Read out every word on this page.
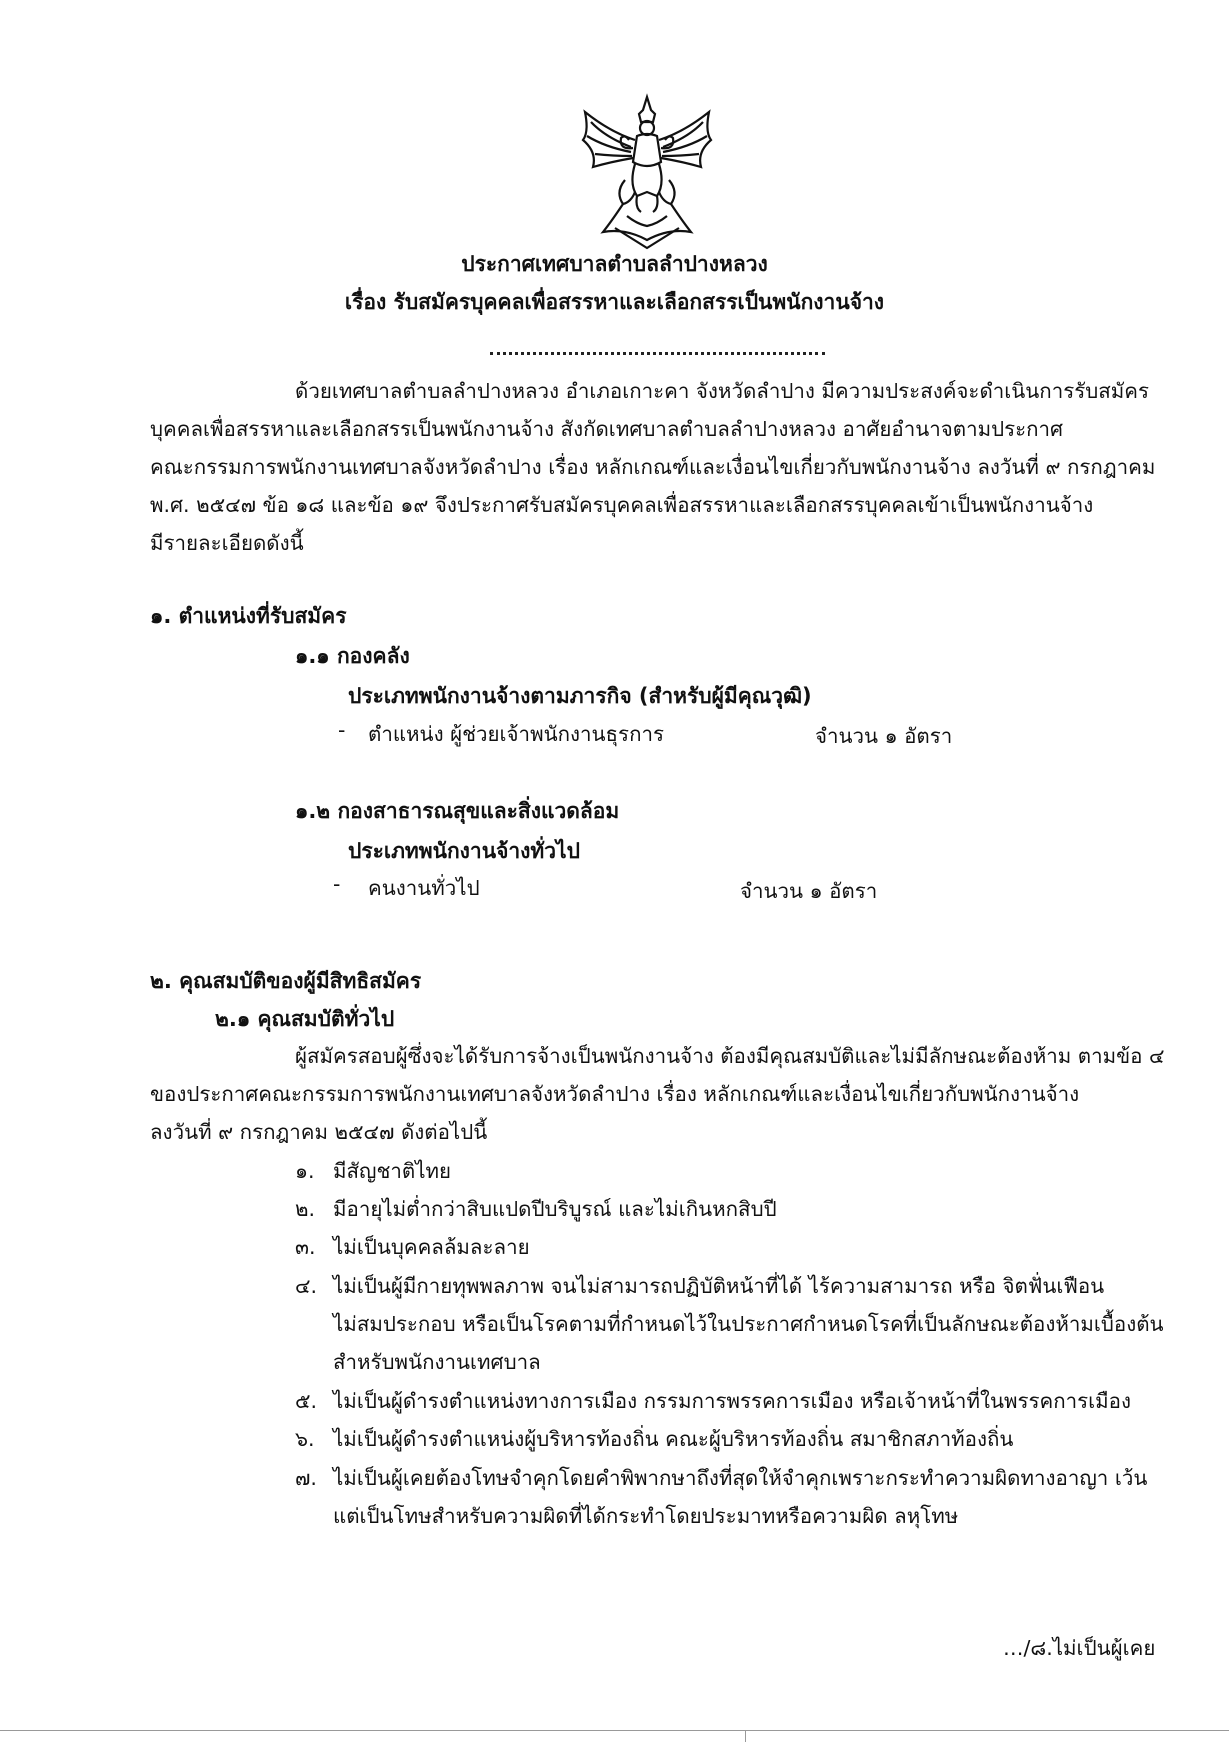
ประกาศเทศบาลตำบลลำปางหลวง
เรื่อง รับสมัครบุคคลเพื่อสรรหาและเลือกสรรเป็นพนักงานจ้าง
ด้วยเทศบาลตำบลลำปางหลวง อำเภอเกาะคา จังหวัดลำปาง มีความประสงค์จะดำเนินการรับสมัคร
บุคคลเพื่อสรรหาและเลือกสรรเป็นพนักงานจ้าง สังกัดเทศบาลตำบลลำปางหลวง อาศัยอำนาจตามประกาศ
คณะกรรมการพนักงานเทศบาลจังหวัดลำปาง เรื่อง หลักเกณฑ์และเงื่อนไขเกี่ยวกับพนักงานจ้าง ลงวันที่ ๙ กรกฎาคม
พ.ศ. ๒๕๔๗ ข้อ ๑๘ และข้อ ๑๙ จึงประกาศรับสมัครบุคคลเพื่อสรรหาและเลือกสรรบุคคลเข้าเป็นพนักงานจ้าง
มีรายละเอียดดังนี้
๑. ตำแหน่งที่รับสมัคร
๑.๑ กองคลัง
ประเภทพนักงานจ้างตามภารกิจ (สำหรับผู้มีคุณวุฒิ)
- ตำแหน่ง ผู้ช่วยเจ้าพนักงานธุรการ	จำนวน ๑ อัตรา
๑.๒ กองสาธารณสุขและสิ่งแวดล้อม
ประเภทพนักงานจ้างทั่วไป
- คนงานทั่วไป	จำนวน ๑ อัตรา
๒. คุณสมบัติของผู้มีสิทธิสมัคร
๒.๑ คุณสมบัติทั่วไป
ผู้สมัครสอบผู้ซึ่งจะได้รับการจ้างเป็นพนักงานจ้าง ต้องมีคุณสมบัติและไม่มีลักษณะต้องห้าม ตามข้อ ๔
ของประกาศคณะกรรมการพนักงานเทศบาลจังหวัดลำปาง เรื่อง หลักเกณฑ์และเงื่อนไขเกี่ยวกับพนักงานจ้าง
ลงวันที่ ๙ กรกฎาคม ๒๕๔๗ ดังต่อไปนี้
๑. มีสัญชาติไทย
๒. มีอายุไม่ต่ำกว่าสิบแปดปีบริบูรณ์ และไม่เกินหกสิบปี
๓. ไม่เป็นบุคคลล้มละลาย
๔. ไม่เป็นผู้มีกายทุพพลภาพ จนไม่สามารถปฏิบัติหน้าที่ได้ ไร้ความสามารถ หรือ จิตฟั่นเฟือน
ไม่สมประกอบ หรือเป็นโรคตามที่กำหนดไว้ในประกาศกำหนดโรคที่เป็นลักษณะต้องห้ามเบื้องต้น
สำหรับพนักงานเทศบาล
๕. ไม่เป็นผู้ดำรงตำแหน่งทางการเมือง กรรมการพรรคการเมือง หรือเจ้าหน้าที่ในพรรคการเมือง
๖. ไม่เป็นผู้ดำรงตำแหน่งผู้บริหารท้องถิ่น คณะผู้บริหารท้องถิ่น สมาชิกสภาท้องถิ่น
๗. ไม่เป็นผู้เคยต้องโทษจำคุกโดยคำพิพากษาถึงที่สุดให้จำคุกเพราะกระทำความผิดทางอาญา เว้น
แต่เป็นโทษสำหรับความผิดที่ได้กระทำโดยประมาทหรือความผิด ลหุโทษ
…/๘.ไม่เป็นผู้เคย
